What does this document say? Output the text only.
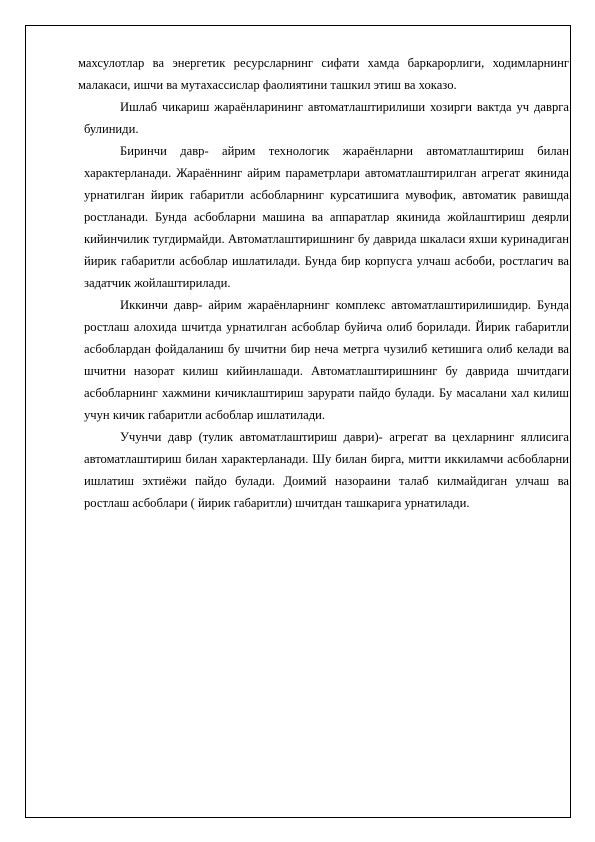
махсулотлар ва энергетик ресурсларнинг сифати хамда баркарорлиги, ходимларнинг малакаси, ишчи ва мутахассислар фаолиятини ташкил этиш ва хоказо.

Ишлаб чикариш жараёнларининг автоматлаштирилиши хозирги вактда уч даврга булиниди.

Биринчи давр- айрим технологик жараёнларни автоматлаштириш билан характерланади. Жараённинг айрим параметрлари автоматлаштирилган агрегат якинида урнатилган йирик габаритли асбобларнинг курсатишига мувофик, автоматик равишда ростланади. Бунда асбобларни машина ва аппаратлар якинида жойлаштириш деярли кийинчилик тугдирмайди. Автоматлаштиришнинг бу даврида шкаласи яхши куринадиган йирик габаритли асбоблар ишлатилади. Бунда бир корпусга улчаш асбоби, ростлагич ва задатчик жойлаштирилади.

Иккинчи давр- айрим жараёнларнинг комплекс автоматлаштирилишидир. Бунда ростлаш алохида шчитда урнатилган асбоблар буйича олиб борилади. Йирик габаритли асбоблардан фойдаланиш бу шчитни бир неча метрга чузилиб кетишига олиб келади ва шчитни назорат килиш кийинлашади. Автоматлаштиришнинг бу даврида шчитдаги асбобларнинг хажмини кичиклаштириш зарурати пайдо булади. Бу масалани хал килиш учун кичик габаритли асбоблар ишлатилади.

Учунчи давр (тулик автоматлаштириш даври)- агрегат ва цехларнинг яллисига автоматлаштириш билан характерланади. Шу билан бирга, митти иккиламчи асбобларни ишлатиш эхтиёжи пайдо булади. Доимий назораини талаб килмайдиган улчаш ва ростлаш асбоблари ( йирик габаритли) шчитдан ташкарига урнатилади.
